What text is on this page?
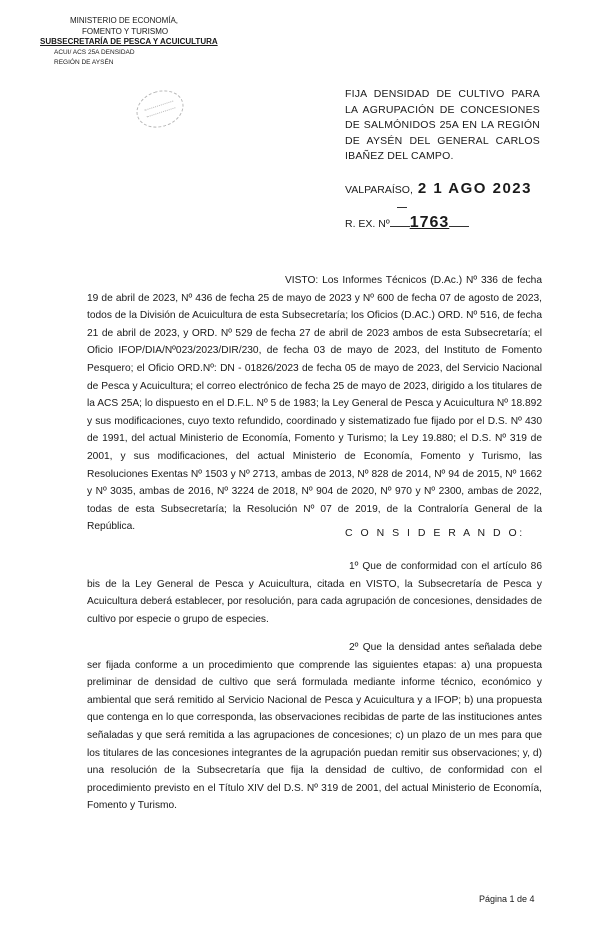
MINISTERIO DE ECONOMÍA,
FOMENTO Y TURISMO
SUBSECRETARÍA DE PESCA Y ACUICULTURA
ACUI/ ACS 25A DENSIDAD
REGIÓN DE AYSÉN
FIJA DENSIDAD DE CULTIVO PARA LA AGRUPACIÓN DE CONCESIONES DE SALMÓNIDOS 25A EN LA REGIÓN DE AYSÉN DEL GENERAL CARLOS IBAÑEZ DEL CAMPO.
VALPARAÍSO, 2 1 AGO 2023
R. EX. Nº 1763
VISTO: Los Informes Técnicos (D.Ac.) Nº 336 de fecha 19 de abril de 2023, Nº 436 de fecha 25 de mayo de 2023 y Nº 600 de fecha 07 de agosto de 2023, todos de la División de Acuicultura de esta Subsecretaría; los Oficios (D.AC.) ORD. Nº 516, de fecha 21 de abril de 2023, y ORD. Nº 529 de fecha 27 de abril de 2023 ambos de esta Subsecretaría; el Oficio IFOP/DIA/Nº023/2023/DIR/230, de fecha 03 de mayo de 2023, del Instituto de Fomento Pesquero; el Oficio ORD.Nº: DN - 01826/2023 de fecha 05 de mayo de 2023, del Servicio Nacional de Pesca y Acuicultura; el correo electrónico de fecha 25 de mayo de 2023, dirigido a los titulares de la ACS 25A; lo dispuesto en el D.F.L. Nº 5 de 1983; la Ley General de Pesca y Acuicultura Nº 18.892 y sus modificaciones, cuyo texto refundido, coordinado y sistematizado fue fijado por el D.S. Nº 430 de 1991, del actual Ministerio de Economía, Fomento y Turismo; la Ley 19.880; el D.S. Nº 319 de 2001, y sus modificaciones, del actual Ministerio de Economía, Fomento y Turismo, las Resoluciones Exentas Nº 1503 y Nº 2713, ambas de 2013, Nº 828 de 2014, Nº 94 de 2015, Nº 1662 y Nº 3035, ambas de 2016, Nº 3224 de 2018, Nº 904 de 2020, Nº 970 y Nº 2300, ambas de 2022, todas de esta Subsecretaría; la Resolución Nº 07 de 2019, de la Contraloría General de la República.
C O N S I D E R A N D O:
1º Que de conformidad con el artículo 86 bis de la Ley General de Pesca y Acuicultura, citada en VISTO, la Subsecretaría de Pesca y Acuicultura deberá establecer, por resolución, para cada agrupación de concesiones, densidades de cultivo por especie o grupo de especies.
2º Que la densidad antes señalada debe ser fijada conforme a un procedimiento que comprende las siguientes etapas: a) una propuesta preliminar de densidad de cultivo que será formulada mediante informe técnico, económico y ambiental que será remitido al Servicio Nacional de Pesca y Acuicultura y a IFOP; b) una propuesta que contenga en lo que corresponda, las observaciones recibidas de parte de las instituciones antes señaladas y que será remitida a las agrupaciones de concesiones; c) un plazo de un mes para que los titulares de las concesiones integrantes de la agrupación puedan remitir sus observaciones; y, d) una resolución de la Subsecretaría que fija la densidad de cultivo, de conformidad con el procedimiento previsto en el Título XIV del D.S. Nº 319 de 2001, del actual Ministerio de Economía, Fomento y Turismo.
Página 1 de 4
